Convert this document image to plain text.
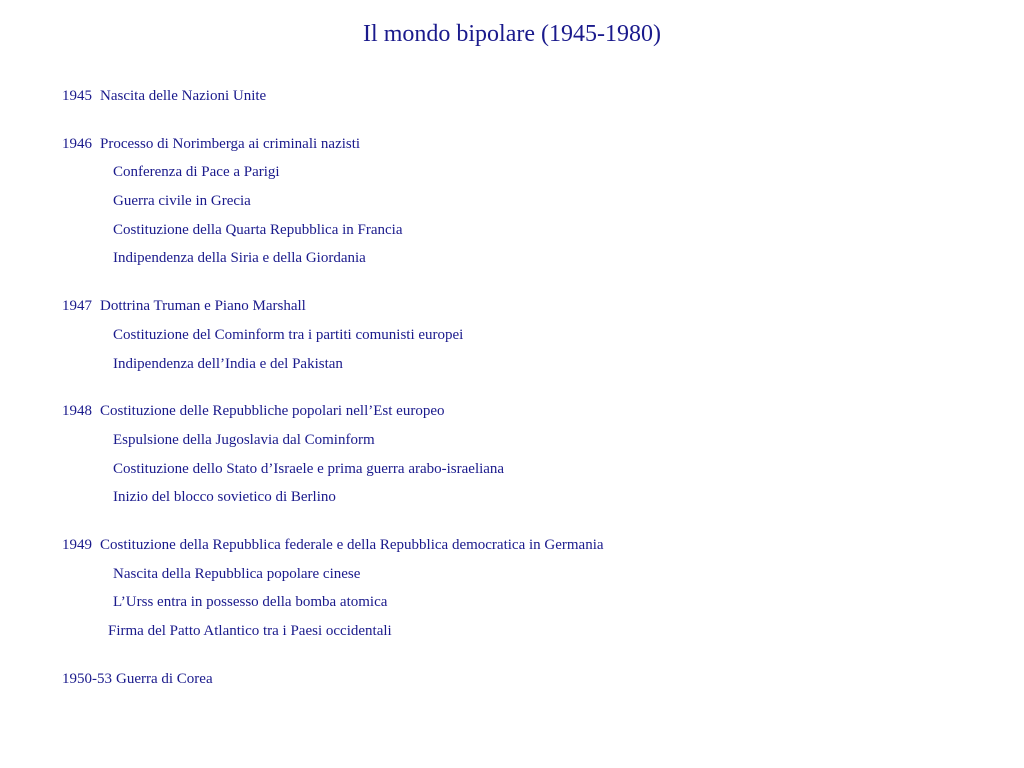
Il mondo bipolare (1945-1980)
1945 Nascita delle Nazioni Unite
1946 Processo di Norimberga ai criminali nazisti
Conferenza di Pace a Parigi
Guerra civile in Grecia
Costituzione della Quarta Repubblica in Francia
Indipendenza della Siria e della Giordania
1947 Dottrina Truman e Piano Marshall
Costituzione del Cominform tra i partiti comunisti europei
Indipendenza dell’India e del Pakistan
1948 Costituzione delle Repubbliche popolari nell’Est europeo
Espulsione della Jugoslavia dal Cominform
Costituzione dello Stato d’Israele e prima guerra arabo-israeliana
Inizio del blocco sovietico di Berlino
1949 Costituzione della Repubblica federale e della Repubblica democratica in Germania
Nascita della Repubblica popolare cinese
L’Urss entra in possesso della bomba atomica
Firma del Patto Atlantico tra i Paesi occidentali
1950-53 Guerra di Corea
